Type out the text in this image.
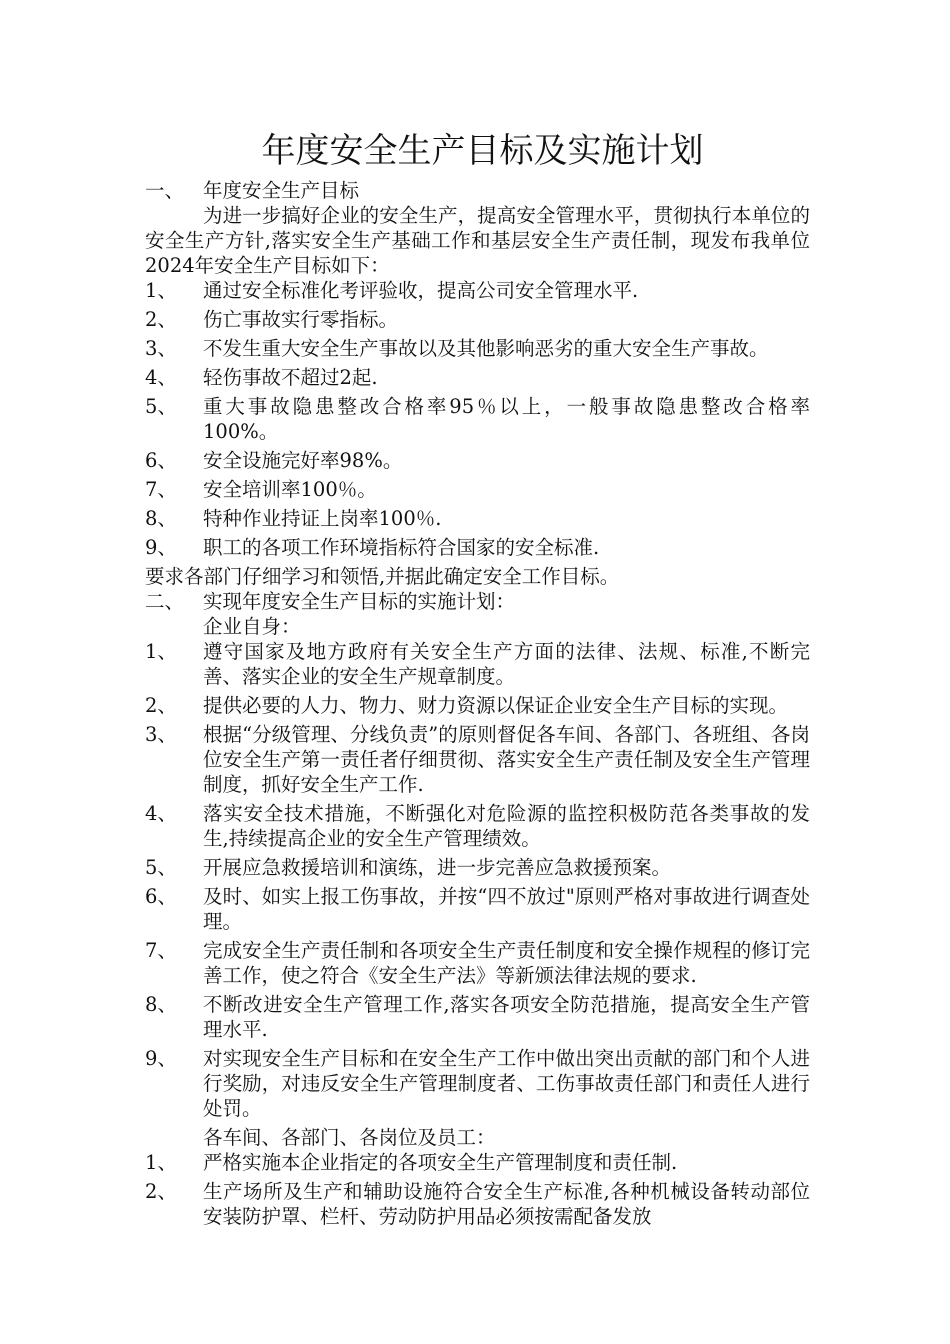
年度安全生产目标及实施计划
一、 年度安全生产目标

为进一步搞好企业的安全生产，提高安全管理水平，贯彻执行本单位的安全生产方针,落实安全生产基础工作和基层安全生产责任制，现发布我单位2024年安全生产目标如下：

1、	通过安全标准化考评验收，提高公司安全管理水平.
2、	伤亡事故实行零指标。
3、	不发生重大安全生产事故以及其他影响恶劣的重大安全生产事故。
4、	轻伤事故不超过2起.
5、	重大事故隐患整改合格率95％以上，一般事故隐患整改合格率100%。
6、	安全设施完好率98%。
7、	安全培训率100％。
8、	特种作业持证上岗率100％.
9、	职工的各项工作环境指标符合国家的安全标准.

要求各部门仔细学习和领悟,并据此确定安全工作目标。

二、 实现年度安全生产目标的实施计划：

企业自身：

1、	遵守国家及地方政府有关安全生产方面的法律、法规、标准,不断完善、落实企业的安全生产规章制度。
2、	提供必要的人力、物力、财力资源以保证企业安全生产目标的实现。
3、	根据“分级管理、分线负责”的原则督促各车间、各部门、各班组、各岗位安全生产第一责任者仔细贯彻、落实安全生产责任制及安全生产管理制度，抓好安全生产工作.
4、	落实安全技术措施，不断强化对危险源的监控积极防范各类事故的发生,持续提高企业的安全生产管理绩效。
5、	开展应急救援培训和演练，进一步完善应急救援预案。
6、	及时、如实上报工伤事故，并按“四不放过"原则严格对事故进行调查处理。
7、	完成安全生产责任制和各项安全生产责任制度和安全操作规程的修订完善工作，使之符合《安全生产法》等新颁法律法规的要求.
8、	不断改进安全生产管理工作,落实各项安全防范措施，提高安全生产管理水平.
9、	对实现安全生产目标和在安全生产工作中做出突出贡献的部门和个人进行奖励，对违反安全生产管理制度者、工伤事故责任部门和责任人进行处罚。

各车间、各部门、各岗位及员工：

1、	严格实施本企业指定的各项安全生产管理制度和责任制.
2、	生产场所及生产和辅助设施符合安全生产标准,各种机械设备转动部位安装防护罩、栏杆、劳动防护用品必须按需配备发放
